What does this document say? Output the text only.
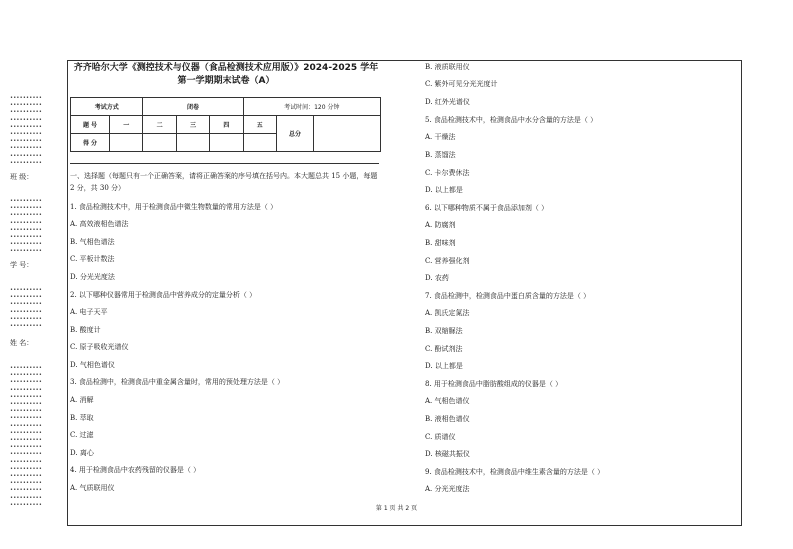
••••••••••
••••••••••
••••••••••
••••••••••
••••••••••
••••••••••
••••••••••
••••••••••
••••••••••
••••••••••
••••••••••
••••••••••
••••••••••
••••••••••
••••••••••
••••••••••
••••••••••
••••••••••
••••••••••
••••••••••
••••••••••
••••••••••
••••••••••
••••••••••
••••••••••
••••••••••
••••••••••
••••••••••
••••••••••
••••••••••
••••••••••
••••••••••
••••••••••
••••••••••
••••••••••
••••••••••
••••••••••
••••••••••
••••••••••
••••••••••
••••••••••
••••••••••
••••••••••
••••••••••
班 级：
学 号：
姓 名：
齐齐哈尔大学《测控技术与仪器（食品检测技术应用版）》2024-2025 学年第一学期期末试卷（A）
考试方式		闭卷			考试时间：120 分钟		
题 号	一	二	三	四	五	总分	
得 分							
一、选择题（每题只有一个正确答案，请将正确答案的序号填在括号内。本大题总共 15 小题，每题 2 分，共 30 分）
1. 食品检测技术中，用于检测食品中微生物数量的常用方法是（ ）
A. 高效液相色谱法
B. 气相色谱法
C. 平板计数法
D. 分光光度法
2. 以下哪种仪器常用于检测食品中营养成分的定量分析（ ）
A. 电子天平
B. 酸度计
C. 原子吸收光谱仪
D. 气相色谱仪
3. 食品检测中，检测食品中重金属含量时，常用的预处理方法是（ ）
A. 消解
B. 萃取
C. 过滤
D. 离心
4. 用于检测食品中农药残留的仪器是（ ）
A. 气质联用仪
B. 液质联用仪
C. 紫外可见分光光度计
D. 红外光谱仪
5. 食品检测技术中，检测食品中水分含量的方法是（ ）
A. 干燥法
B. 蒸馏法
C. 卡尔费休法
D. 以上都是
6. 以下哪种物质不属于食品添加剂（ ）
A. 防腐剂
B. 甜味剂
C. 营养强化剂
D. 农药
7. 食品检测中，检测食品中蛋白质含量的方法是（ ）
A. 凯氏定氮法
B. 双缩脲法
C. 酚试剂法
D. 以上都是
8. 用于检测食品中脂肪酸组成的仪器是（ ）
A. 气相色谱仪
B. 液相色谱仪
C. 质谱仪
D. 核磁共振仪
9. 食品检测技术中，检测食品中维生素含量的方法是（ ）
A. 分光光度法
第 1 页 共 2 页
